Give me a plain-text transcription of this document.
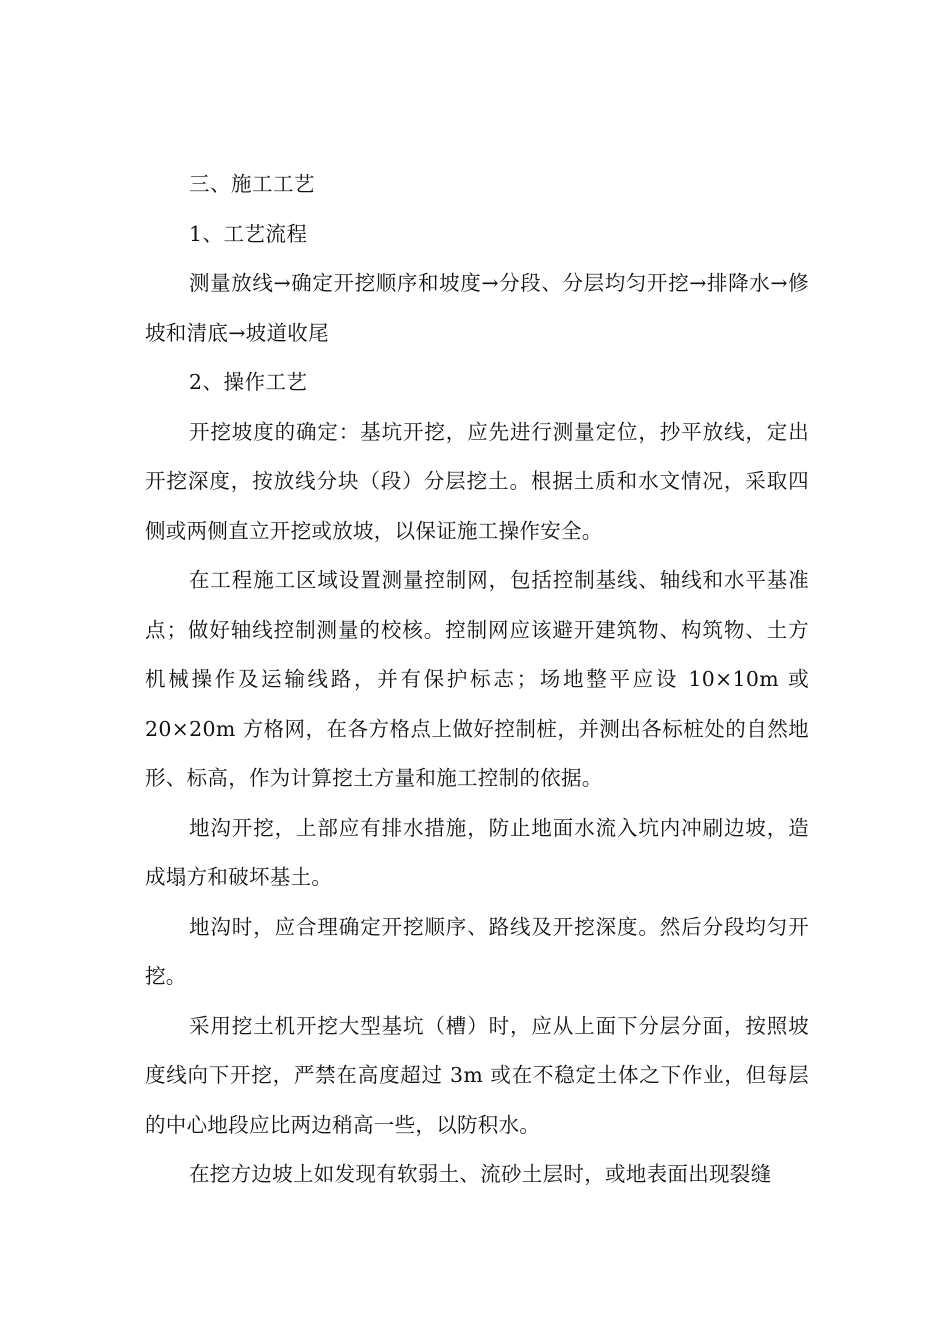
三、施工工艺

1、工艺流程

测量放线→确定开挖顺序和坡度→分段、分层均匀开挖→排降水→修坡和清底→坡道收尾

2、操作工艺

开挖坡度的确定：基坑开挖，应先进行测量定位，抄平放线，定出开挖深度，按放线分块（段）分层挖土。根据土质和水文情况，采取四侧或两侧直立开挖或放坡，以保证施工操作安全。

在工程施工区域设置测量控制网，包括控制基线、轴线和水平基准点；做好轴线控制测量的校核。控制网应该避开建筑物、构筑物、土方机械操作及运输线路，并有保护标志；场地整平应设 10×10m 或 20×20m 方格网，在各方格点上做好控制桩，并测出各标桩处的自然地形、标高，作为计算挖土方量和施工控制的依据。

地沟开挖，上部应有排水措施，防止地面水流入坑内冲刷边坡，造成塌方和破坏基土。

地沟时，应合理确定开挖顺序、路线及开挖深度。然后分段均匀开挖。

采用挖土机开挖大型基坑（槽）时，应从上面下分层分面，按照坡度线向下开挖，严禁在高度超过 3m 或在不稳定土体之下作业，但每层的中心地段应比两边稍高一些，以防积水。

在挖方边坡上如发现有软弱土、流砂土层时，或地表面出现裂缝
